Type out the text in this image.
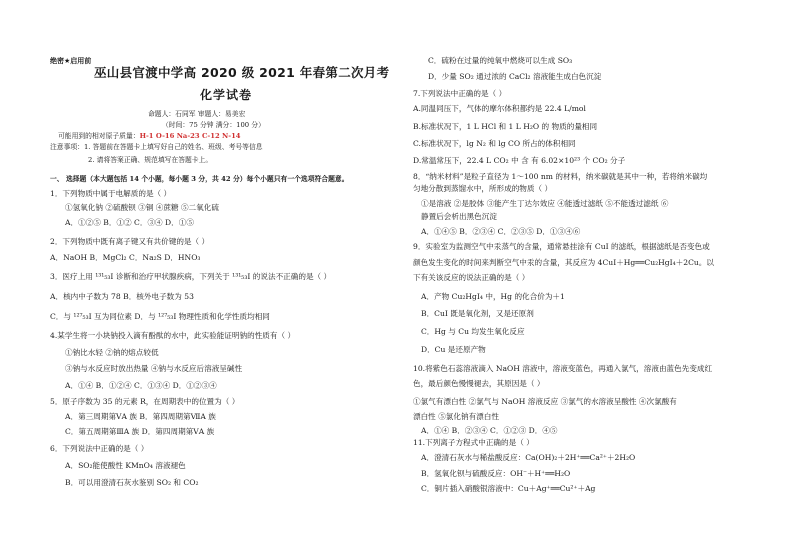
绝密★启用前
巫山县官渡中学高 2020 级 2021 年春第二次月考
化学试卷
命题人：石同军 审题人：易美宏
（时间：75 分钟 满分：100 分）
可能用到的相对原子质量：H-1 O-16 Na-23 C-12 N-14
注意事项：1. 答题前在答题卡上填写好自己的姓名、班级、考号等信息
2. 请将答案正确、规范填写在答题卡上。
一、 选择题（本大题包括 14 个小题，每小题 3 分，共 42 分）每个小题只有一个选项符合题意。
1．下列物质中属于电解质的是（ ）
①氢氧化钠 ②硫酸钡 ③铜 ④蔗糖 ⑤二氧化硫
A．①②⑤ B．①② C．③④ D．①⑤
2．下列物质中既有离子键又有共价键的是（ ）
A．NaOH B．MgCl₂ C．Na₂S D．HNO₃
3．医疗上用 ¹³¹₅₃I 诊断和治疗甲状腺疾病，下列关于 ¹³¹₅₃I 的说法不正确的是（ ）
A．核内中子数为 78 B．核外电子数为 53
C．与 ¹²⁷₅₃I 互为同位素 D．与 ¹²⁷₅₃I 物理性质和化学性质均相同
4.某学生将一小块钠投入滴有酚酞的水中，此实验能证明钠的性质有（ ）
①钠比水轻 ②钠的熔点较低
③钠与水反应时放出热量 ④钠与水反应后溶液呈碱性
A．①④ B．①②④ C．①③④ D．①②③④
5．原子序数为 35 的元素 R，在周期表中的位置为（ ）
A．第三周期第ⅤA 族 B．第四周期第ⅦA 族
C．第五周期第ⅢA 族 D．第四周期第ⅤA 族
6．下列说法中正确的是（ ）
A．SO₂能使酸性 KMnO₄ 溶液褪色
B．可以用澄清石灰水鉴别 SO₂ 和 CO₂
C．硫粉在过量的纯氧中燃烧可以生成 SO₃
D．少量 SO₂ 通过浓的 CaCl₂ 溶液能生成白色沉淀
7.下列说法中正确的是（ ）
A.同温同压下，气体的摩尔体积都约是 22.4 L/mol
B.标准状况下，1 L HCl 和 1 L H₂O 的 物质的量相同
C.标准状况下，lg N₂ 和 lg CO 所占的体积相同
D.常温常压下，22.4 L CO₂ 中 含 有 6.02×10²³ 个 CO₂ 分子
8．“纳米材料”是粒子直径为 1～100 nm 的材料，纳米碳就是其中一种，若将纳米碳均
匀地分散到蒸馏水中，所形成的物质（ ）
①是溶液 ②是胶体 ③能产生丁达尔效应 ④能透过滤纸 ⑤不能透过滤纸 ⑥
静置后会析出黑色沉淀
A．①④⑤ B．②③④ C．②③⑤ D．①③④⑥
9．实验室为监测空气中汞蒸气的含量，通常悬挂涂有 CuI 的滤纸，根据滤纸是否变色或
颜色发生变化的时间来判断空气中汞的含量，其反应为 4CuI＋Hg══Cu₂HgI₄＋2Cu。以
下有关该反应的说法正确的是（ ）
A．产物 Cu₂HgI₄ 中，Hg 的化合价为＋1
B．CuI 既是氧化剂，又是还原剂
C．Hg 与 Cu 均发生氧化反应
D．Cu 是还原产物
10.将紫色石蕊溶液滴入 NaOH 溶液中，溶液变蓝色，再通入氯气，溶液由蓝色先变成红
色，最后颜色慢慢褪去，其原因是（ ）
①氯气有漂白性 ②氯气与 NaOH 溶液反应 ③氯气的水溶液呈酸性 ④次氯酸有
漂白性 ⑤氯化钠有漂白性
A．①④ B．②③④ C．①②③ D．④⑤
11.下列离子方程式中正确的是（ ）
A．澄清石灰水与稀盐酸反应：Ca(OH)₂＋2H⁺══Ca²⁺＋2H₂O
B．氢氧化钡与硫酸反应：OH⁻＋H⁺══H₂O
C．铜片插入硝酸银溶液中：Cu＋Ag⁺══Cu²⁺＋Ag
